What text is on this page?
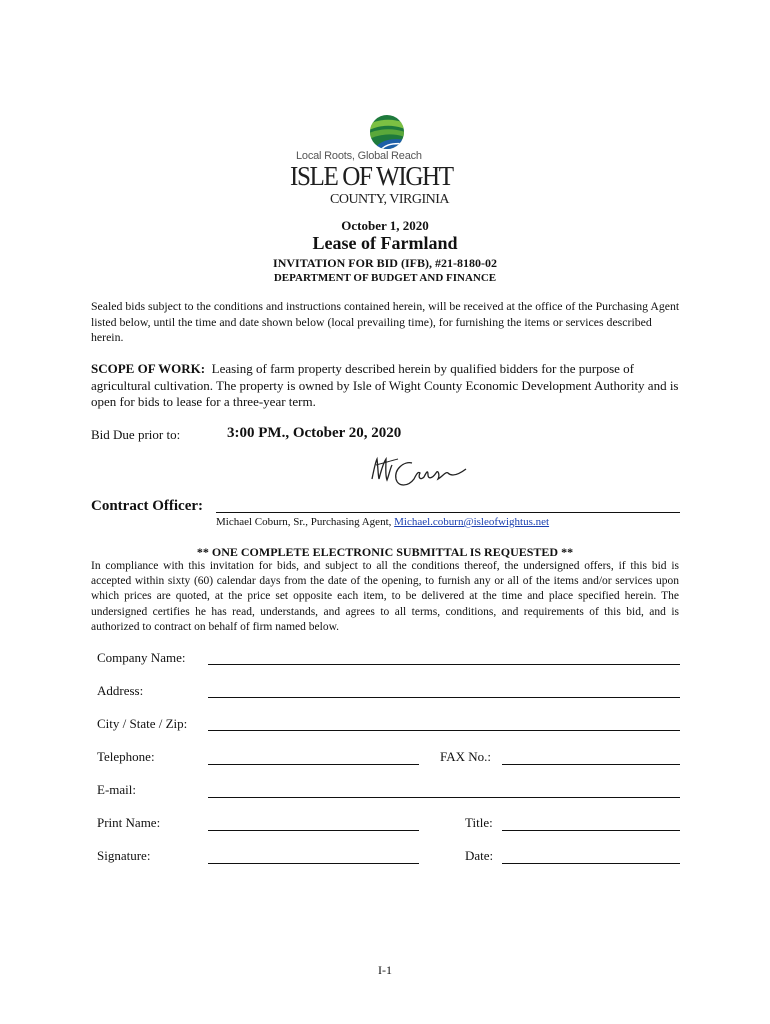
Local Roots, Global Reach
ISLE OF WIGHT
COUNTY, VIRGINIA
October 1, 2020
Lease of Farmland
INVITATION FOR BID (IFB), #21-8180-02
DEPARTMENT OF BUDGET AND FINANCE
Sealed bids subject to the conditions and instructions contained herein, will be received at the office of the Purchasing Agent listed below, until the time and date shown below (local prevailing time), for furnishing the items or services described herein.
SCOPE OF WORK: Leasing of farm property described herein by qualified bidders for the purpose of agricultural cultivation. The property is owned by Isle of Wight County Economic Development Authority and is open for bids to lease for a three-year term.
Bid Due prior to:	3:00 PM., October 20, 2020
Contract Officer:
Michael Coburn, Sr., Purchasing Agent, Michael.coburn@isleofwightus.net
** ONE COMPLETE ELECTRONIC SUBMITTAL IS REQUESTED **
In compliance with this invitation for bids, and subject to all the conditions thereof, the undersigned offers, if this bid is accepted within sixty (60) calendar days from the date of the opening, to furnish any or all of the items and/or services upon which prices are quoted, at the price set opposite each item, to be delivered at the time and place specified herein. The undersigned certifies he has read, understands, and agrees to all terms, conditions, and requirements of this bid, and is authorized to contract on behalf of firm named below.
Company Name:
Address:
City / State / Zip:
Telephone:	FAX No.:
E-mail:
Print Name:	Title:
Signature:	Date:
I-1
